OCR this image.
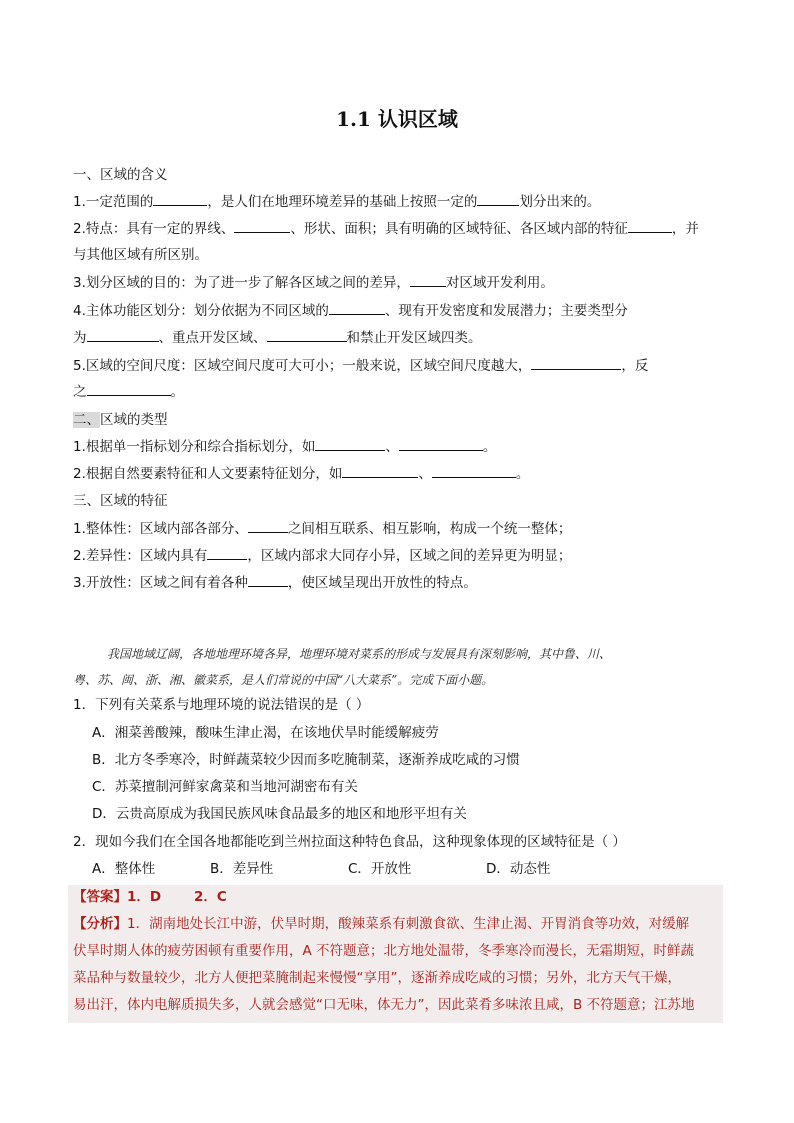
1.1 认识区域
一、区域的含义
1.一定范围的	，是人们在地理环境差异的基础上按照一定的	划分出来的。
2.特点：具有一定的界线、	、形状、面积；具有明确的区域特征、各区域内部的特征	，并
与其他区域有所区别。
3.划分区域的目的：为了进一步了解各区域之间的差异，	对区域开发利用。
4.主体功能区划分：划分依据为不同区域的	、现有开发密度和发展潜力；主要类型分
为	、重点开发区域、	和禁止开发区域四类。
5.区域的空间尺度：区域空间尺度可大可小；一般来说，区域空间尺度越大，	，反
之	。
二、区域的类型
1.根据单一指标划分和综合指标划分，如	、	。
2.根据自然要素特征和人文要素特征划分，如	、	。
三、区域的特征
1.整体性：区域内部各部分、	之间相互联系、相互影响，构成一个统一整体；
2.差异性：区域内具有	，区域内部求大同存小异，区域之间的差异更为明显；
3.开放性：区域之间有着各种	，使区域呈现出开放性的特点。
我国地域辽阔，各地地理环境各异，地理环境对菜系的形成与发展具有深刻影响，其中鲁、川、
粤、苏、闽、浙、湘、徽菜系，是人们常说的中国“八大菜系”。完成下面小题。
1．下列有关菜系与地理环境的说法错误的是（ ）
A．湘菜善酸辣，酸味生津止渴，在该地伏旱时能缓解疲劳
B．北方冬季寒冷，时鲜蔬菜较少因而多吃腌制菜，逐渐养成吃咸的习惯
C．苏菜擅制河鲜家禽菜和当地河湖密布有关
D．云贵高原成为我国民族风味食品最多的地区和地形平坦有关
2．现如今我们在全国各地都能吃到兰州拉面这种特色食品，这种现象体现的区域特征是（ ）
A．整体性	B．差异性	C．开放性	D．动态性
【答案】1．D       2．C
【分析】1．湖南地处长江中游，伏旱时期，酸辣菜系有刺激食欲、生津止渴、开胃消食等功效，对缓解
伏旱时期人体的疲劳困顿有重要作用，A 不符题意；北方地处温带，冬季寒冷而漫长，无霜期短，时鲜蔬
菜品种与数量较少，北方人便把菜腌制起来慢慢“享用”，逐渐养成吃咸的习惯；另外，北方天气干燥，
易出汗，体内电解质损失多，人就会感觉“口无味，体无力”，因此菜肴多味浓且咸，B 不符题意；江苏地
